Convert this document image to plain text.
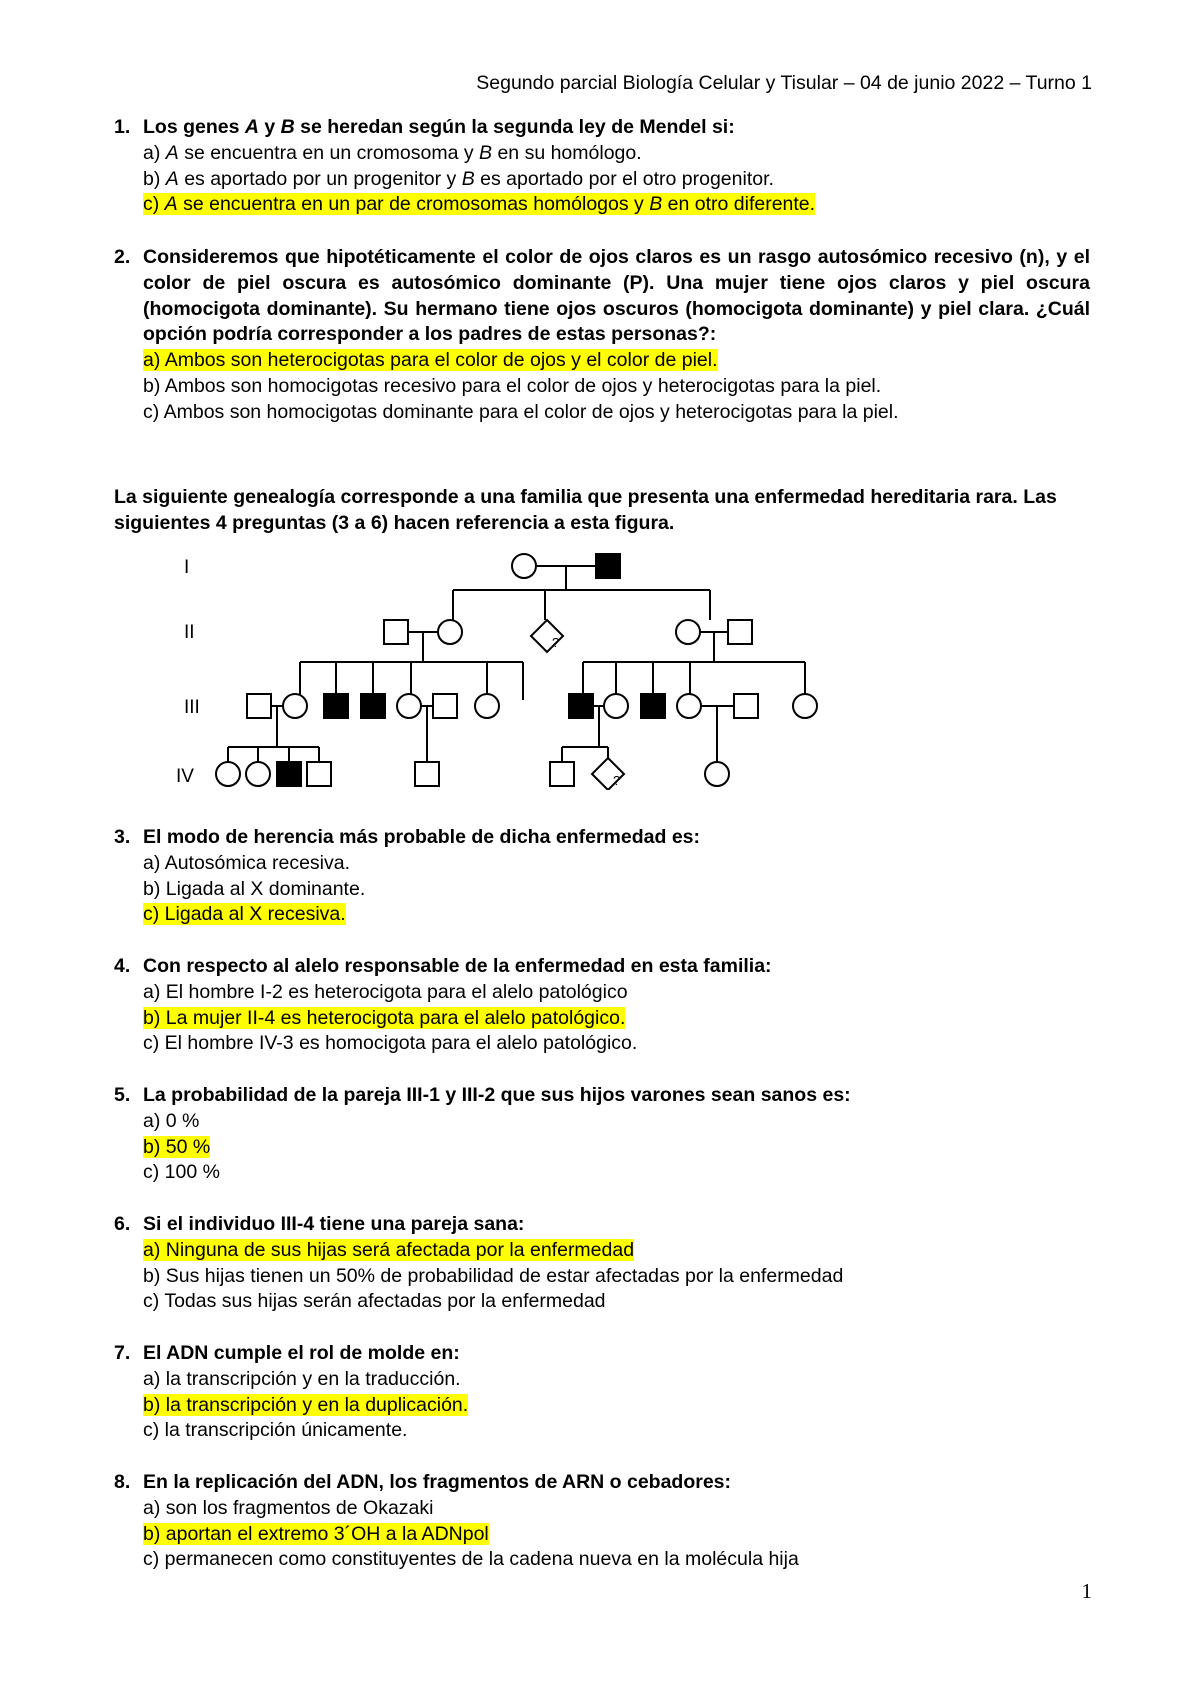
Segundo parcial Biología Celular y Tisular – 04 de junio 2022 – Turno 1
1. Los genes A y B se heredan según la segunda ley de Mendel si:
a) A se encuentra en un cromosoma y B en su homólogo.
b) A es aportado por un progenitor y B es aportado por el otro progenitor.
c) A se encuentra en un par de cromosomas homólogos y B en otro diferente.
2. Consideremos que hipotéticamente el color de ojos claros es un rasgo autosómico recesivo (n), y el color de piel oscura es autosómico dominante (P). Una mujer tiene ojos claros y piel oscura (homocigota dominante). Su hermano tiene ojos oscuros (homocigota dominante) y piel clara. ¿Cuál opción podría corresponder a los padres de estas personas?:
a) Ambos son heterocigotas para el color de ojos y el color de piel.
b) Ambos son homocigotas recesivo para el color de ojos y heterocigotas para la piel.
c) Ambos son homocigotas dominante para el color de ojos y heterocigotas para la piel.
La siguiente genealogía corresponde a una familia que presenta una enfermedad hereditaria rara. Las siguientes 4 preguntas (3 a 6) hacen referencia a esta figura.
I
II
III
IV
?
?
3. El modo de herencia más probable de dicha enfermedad es:
a) Autosómica recesiva.
b) Ligada al X dominante.
c) Ligada al X recesiva.
4. Con respecto al alelo responsable de la enfermedad en esta familia:
a) El hombre I-2 es heterocigota para el alelo patológico
b) La mujer II-4 es heterocigota para el alelo patológico.
c) El hombre IV-3 es homocigota para el alelo patológico.
5. La probabilidad de la pareja III-1 y III-2 que sus hijos varones sean sanos es:
a) 0 %
b) 50 %
c) 100 %
6. Si el individuo III-4 tiene una pareja sana:
a) Ninguna de sus hijas será afectada por la enfermedad
b) Sus hijas tienen un 50% de probabilidad de estar afectadas por la enfermedad
c) Todas sus hijas serán afectadas por la enfermedad
7. El ADN cumple el rol de molde en:
a) la transcripción y en la traducción.
b) la transcripción y en la duplicación.
c) la transcripción únicamente.
8. En la replicación del ADN, los fragmentos de ARN o cebadores:
a) son los fragmentos de Okazaki
b) aportan el extremo 3´OH a la ADNpol
c) permanecen como constituyentes de la cadena nueva en la molécula hija
1
